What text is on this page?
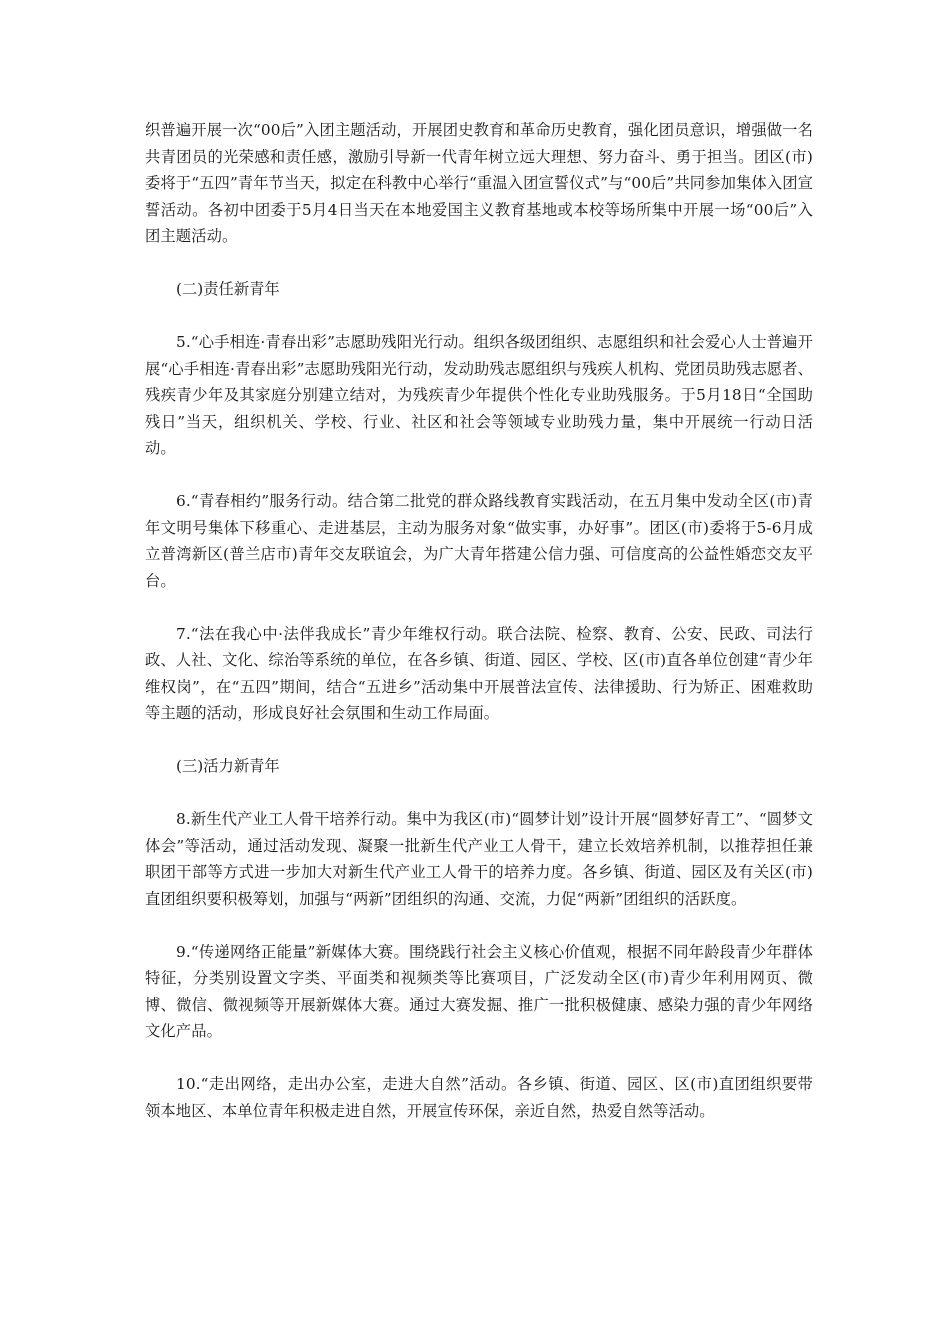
织普遍开展一次“00后”入团主题活动，开展团史教育和革命历史教育，强化团员意识，增强做一名共青团员的光荣感和责任感，激励引导新一代青年树立远大理想、努力奋斗、勇于担当。团区(市)委将于“五四”青年节当天，拟定在科教中心举行“重温入团宣誓仪式”与“00后”共同参加集体入团宣誓活动。各初中团委于5月4日当天在本地爱国主义教育基地或本校等场所集中开展一场“00后”入团主题活动。

(二)责任新青年

5.“心手相连·青春出彩”志愿助残阳光行动。组织各级团组织、志愿组织和社会爱心人士普遍开展“心手相连·青春出彩”志愿助残阳光行动，发动助残志愿组织与残疾人机构、党团员助残志愿者、残疾青少年及其家庭分别建立结对，为残疾青少年提供个性化专业助残服务。于5月18日“全国助残日”当天，组织机关、学校、行业、社区和社会等领域专业助残力量，集中开展统一行动日活动。

6.“青春相约”服务行动。结合第二批党的群众路线教育实践活动，在五月集中发动全区(市)青年文明号集体下移重心、走进基层，主动为服务对象“做实事，办好事”。团区(市)委将于5-6月成立普湾新区(普兰店市)青年交友联谊会，为广大青年搭建公信力强、可信度高的公益性婚恋交友平台。

7.“法在我心中·法伴我成长”青少年维权行动。联合法院、检察、教育、公安、民政、司法行政、人社、文化、综治等系统的单位，在各乡镇、街道、园区、学校、区(市)直各单位创建“青少年维权岗”，在“五四”期间，结合“五进乡”活动集中开展普法宣传、法律援助、行为矫正、困难救助等主题的活动，形成良好社会氛围和生动工作局面。

(三)活力新青年

8.新生代产业工人骨干培养行动。集中为我区(市)“圆梦计划”设计开展“圆梦好青工”、“圆梦文体会”等活动，通过活动发现、凝聚一批新生代产业工人骨干，建立长效培养机制，以推荐担任兼职团干部等方式进一步加大对新生代产业工人骨干的培养力度。各乡镇、街道、园区及有关区(市)直团组织要积极筹划，加强与“两新”团组织的沟通、交流，力促“两新”团组织的活跃度。

9.“传递网络正能量”新媒体大赛。围绕践行社会主义核心价值观，根据不同年龄段青少年群体特征，分类别设置文字类、平面类和视频类等比赛项目，广泛发动全区(市)青少年利用网页、微博、微信、微视频等开展新媒体大赛。通过大赛发掘、推广一批积极健康、感染力强的青少年网络文化产品。

10.“走出网络，走出办公室，走进大自然”活动。各乡镇、街道、园区、区(市)直团组织要带领本地区、本单位青年积极走进自然，开展宣传环保，亲近自然，热爱自然等活动。
